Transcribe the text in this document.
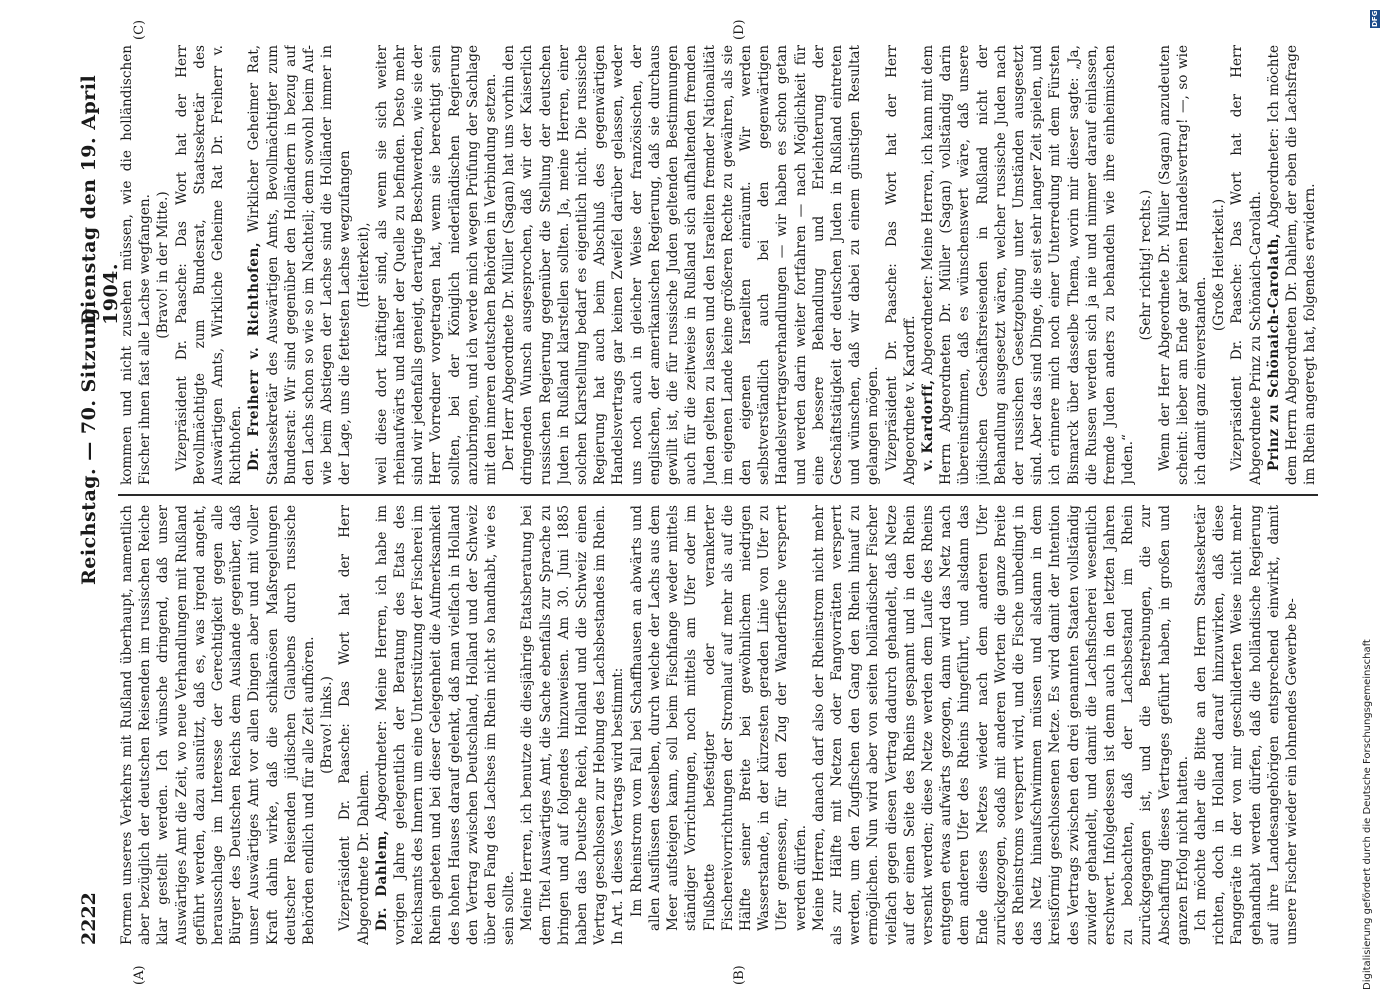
2222
Reichstag. — 70. Sitzung.
Dienstag den 19. April 1904.
(A)	(B)
(C)	(D)

Formen unseres Verkehrs mit Rußland überhaupt, namentlich aber bezüglich der deutschen Reisenden im russischen Reiche klar gestellt werden. Ich wünsche dringend, daß unser Auswärtiges Amt die Zeit, wo neue Verhandlungen mit Rußland geführt werden, dazu ausnützt, daß es, was irgend angeht, herausschlage im Interesse der Gerechtigkeit gegen alle Bürger des Deutschen Reichs dem Auslande gegenüber, daß unser Auswärtiges Amt vor allen Dingen aber und mit voller Kraft dahin wirke, daß die schikanösen Maßregelungen deutscher Reisenden jüdischen Glaubens durch russische Behörden endlich und für alle Zeit aufhören. (Bravo! links.) Vizepräsident Dr. Paasche: Das Wort hat der Herr Abgeordnete Dr. Dahlem. Dr. Dahlem, Abgeordneter: Meine Herren, ich habe im vorigen Jahre gelegentlich der Beratung des Etats des Reichsamts des Innern um eine Unterstützung der Fischerei im Rhein gebeten und bei dieser Gelegenheit die Aufmerksamkeit des hohen Hauses darauf gelenkt, daß man vielfach in Holland den Vertrag zwischen Deutschland, Holland und der Schweiz über den Fang des Lachses im Rhein nicht so handhabt, wie es sein sollte. Meine Herren, ich benutze die diesjährige Etatsberatung bei dem Titel Auswärtiges Amt, die Sache ebenfalls zur Sprache zu bringen und auf folgendes hinzuweisen. Am 30. Juni 1885 haben das Deutsche Reich, Holland und die Schweiz einen Vertrag geschlossen zur Hebung des Lachsbestandes im Rhein. In Art. 1 dieses Vertrags wird bestimmt: Im Rheinstrom vom Fall bei Schaffhausen an abwärts und allen Ausflüssen desselben, durch welche der Lachs aus dem Meer aufsteigen kann, soll beim Fischfange weder mittels ständiger Vorrichtungen, noch mittels am Ufer oder im Flußbette befestigter oder verankerter Fischereivorrichtungen der Stromlauf auf mehr als auf die Hälfte seiner Breite bei gewöhnlichem niedrigen Wasserstande, in der kürzesten geraden Linie von Ufer zu Ufer gemessen, für den Zug der Wanderfische versperrt werden dürfen. Meine Herren, danach darf also der Rheinstrom nicht mehr als zur Hälfte mit Netzen oder Fangvorrätten versperrt werden, um den Zugfischen den Gang den Rhein hinauf zu ermöglichen. Nun wird aber von seiten holländischer Fischer vielfach gegen diesen Vertrag dadurch gehandelt, daß Netze auf der einen Seite des Rheins gespannt und in den Rhein versenkt werden; diese Netze werden dem Laufe des Rheins entgegen etwas aufwärts gezogen, dann wird das Netz nach dem anderen Ufer des Rheins hingeführt, und alsdann das Ende dieses Netzes wieder nach dem anderen Ufer zurückgezogen, sodaß mit anderen Worten die ganze Breite des Rheinstroms versperrt wird, und die Fische unbedingt in das Netz hinaufschwimmen müssen und alsdann in dem kreisförmig geschlossenen Netze. Es wird damit der Intention des Vertrags zwischen den drei genannten Staaten vollständig zuwider gehandelt, und damit die Lachsfischerei wesentlich erschwert. Infolgedessen ist denn auch in den letzten Jahren zu beobachten, daß der Lachsbestand im Rhein zurückgegangen ist, und die Bestrebungen, die zur Abschaffung dieses Vertrages geführt haben, in großen und ganzen Erfolg nicht hatten. Ich möchte daher die Bitte an den Herrn Staatssekretär richten, doch in Holland darauf hinzuwirken, daß diese Fanggeräte in der von mir geschilderten Weise nicht mehr gehandhabt werden dürfen, daß die holländische Regierung auf ihre Landesangehörigen entsprechend einwirkt, damit unsere Fischer wieder ein lohnendes Gewerbe be-

kommen und nicht zusehen müssen, wie die holländischen Fischer ihnen fast alle Lachse wegfangen. (Bravo! in der Mitte.) Vizepräsident Dr. Paasche: Das Wort hat der Herr Bevollmächtigte zum Bundesrat, Staatssekretär des Auswärtigen Amts, Wirkliche Geheime Rat Dr. Freiherr v. Richthofen. Dr. Freiherr v. Richthofen, Wirklicher Geheimer Rat, Staatssekretär des Auswärtigen Amts, Bevollmächtigter zum Bundesrat: Wir sind gegenüber den Holländern in bezug auf den Lachs schon so wie so im Nachteil; denn sowohl beim Auf- wie beim Abstiegen der Lachse sind die Holländer immer in der Lage, uns die fettesten Lachse wegzufangen (Heiterkeit), weil diese dort kräftiger sind, als wenn sie sich weiter rheinaufwärts und näher der Quelle zu befinden. Desto mehr sind wir jedenfalls geneigt, derartige Beschwerden, wie sie der Herr Vorredner vorgetragen hat, wenn sie berechtigt sein sollten, bei der Königlich niederländischen Regierung anzubringen, und ich werde mich wegen Prüfung der Sachlage mit den inneren deutschen Behörden in Verbindung setzen. Der Herr Abgeordnete Dr. Müller (Sagan) hat uns vorhin den dringenden Wunsch ausgesprochen, daß wir der Kaiserlich russischen Regierung gegenüber die Stellung der deutschen Juden in Rußland klarstellen sollten. Ja, meine Herren, einer solchen Klarstellung bedarf es eigentlich nicht. Die russische Regierung hat auch beim Abschluß des gegenwärtigen Handelsvertrags gar keinen Zweifel darüber gelassen, weder uns noch auch in gleicher Weise der französischen, der englischen, der amerikanischen Regierung, daß sie durchaus gewillt ist, die für russische Juden geltenden Bestimmungen auch für die zeitweise in Rußland sich aufhaltenden fremden Juden gelten zu lassen und den Israeliten fremder Nationalität im eigenen Lande keine größeren Rechte zu gewähren, als sie den eigenen Israeliten einräumt. Wir werden selbstverständlich auch bei den gegenwärtigen Handelsvertragsverhandlungen — wir haben es schon getan und werden darin weiter fortfahren — nach Möglichkeit für eine bessere Behandlung und Erleichterung der Geschäftstätigkeit der deutschen Juden in Rußland eintreten und wünschen, daß wir dabei zu einem günstigen Resultat gelangen mögen. Vizepräsident Dr. Paasche: Das Wort hat der Herr Abgeordnete v. Kardorff. v. Kardorff, Abgeordneter: Meine Herren, ich kann mit dem Herrn Abgeordneten Dr. Müller (Sagan) vollständig darin übereinstimmen, daß es wünschenswert wäre, daß unsere jüdischen Geschäftsreisenden in Rußland nicht der Behandlung ausgesetzt wären, welcher russische Juden nach der russischen Gesetzgebung unter Umständen ausgesetzt sind. Aber das sind Dinge, die seit sehr langer Zeit spielen, und ich erinnere mich noch einer Unterredung mit dem Fürsten Bismarck über dasselbe Thema, worin mir dieser sagte: „Ja, die Russen werden sich ja nie und nimmer darauf einlassen, fremde Juden anders zu behandeln wie ihre einheimischen Juden.“

(Sehr richtig! rechts.) Wenn der Herr Abgeordnete Dr. Müller (Sagan) anzudeuten scheint: lieber am Ende gar keinen Handelsvertrag! —, so wie ich damit ganz einverstanden.

(Große Heiterkeit.) Vizepräsident Dr. Paasche: Das Wort hat der Herr Abgeordnete Prinz zu Schönaich-Carolath. Prinz zu Schönaich-Carolath, Abgeordneter: Ich möchte dem Herrn Abgeordneten Dr. Dahlem, der eben die Lachsfrage im Rhein angeregt hat, folgendes erwidern.

DFG
Digitalisierung gefördert durch die Deutsche Forschungsgemeinschaft
